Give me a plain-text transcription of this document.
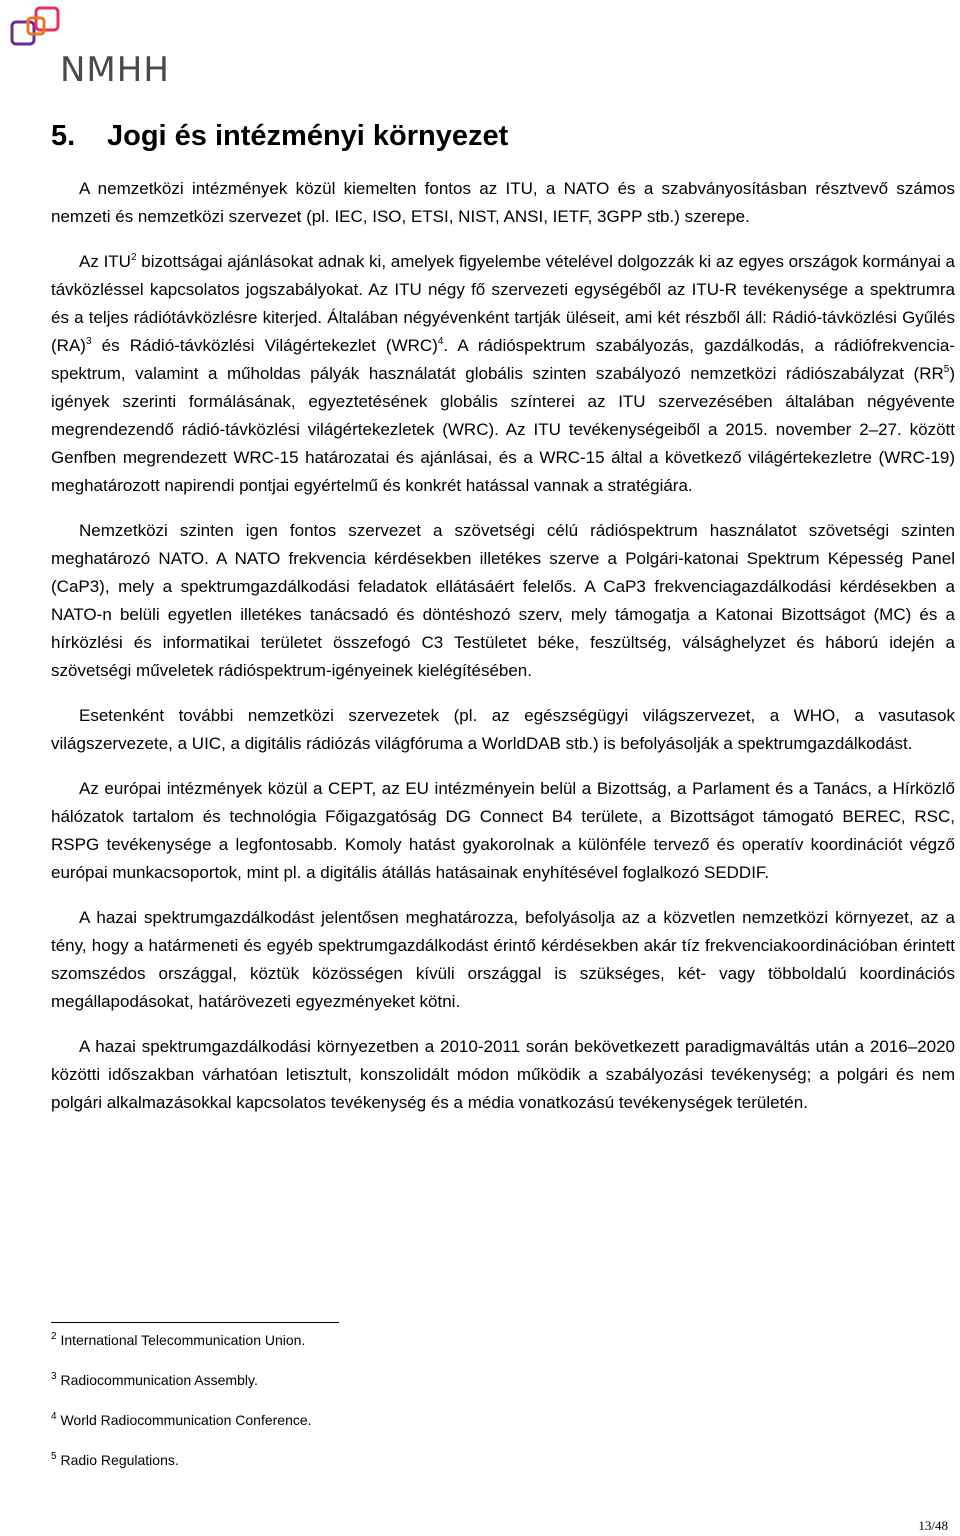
NMHH
5. Jogi és intézményi környezet

A nemzetközi intézmények közül kiemelten fontos az ITU, a NATO és a szabványosításban résztvevő számos nemzeti és nemzetközi szervezet (pl. IEC, ISO, ETSI, NIST, ANSI, IETF, 3GPP stb.) szerepe.

Az ITU$^2$ bizottságai ajánlásokat adnak ki, amelyek figyelembe vételével dolgozzák ki az egyes országok kormányai a távközléssel kapcsolatos jogszabályokat. Az ITU négy fő szervezeti egységéből az ITU-R tevékenysége a spektrumra és a teljes rádiótávközlésre kiterjed. Általában négyévenként tartják üléseit, ami két részből áll: Rádió-távközlési Gyűlés (RA)$^3$ és Rádió-távközlési Világértekezlet (WRC)$^4$. A rádióspektrum szabályozás, gazdálkodás, a rádiófrekvencia-spektrum, valamint a műholdas pályák használatát globális szinten szabályozó nemzetközi rádiószabályzat $(RR^5)$ igények szerinti formálásának, egyeztetésének globális színterei az ITU szervezésében általában négyévente megrendezendő rádió-távközlési világértekezletek (WRC). Az ITU tevékenységeiből a 2015. november 2–27. között Genfben megrendezett WRC-15 határozatai és ajánlásai, és a WRC-15 által a következő világértekezletre (WRC-19) meghatározott napirendi pontjai egyértelmű és konkrét hatással vannak a stratégiára.

Nemzetközi szinten igen fontos szervezet a szövetségi célú rádióspektrum használatot szövetségi szinten meghatározó NATO. A NATO frekvencia kérdésekben illetékes szerve a Polgári-katonai Spektrum Képesség Panel (CaP3), mely a spektrumgazdálkodási feladatok ellátásáért felelős. A CaP3 frekvenciagazdálkodási kérdésekben a NATO-n belüli egyetlen illetékes tanácsadó és döntéshozó szerv, mely támogatja a Katonai Bizottságot (MC) és a hírközlési és informatikai területet összefogó C3 Testületet béke, feszültség, válsághelyzet és háború idején a szövetségi műveletek rádióspektrum-igényeinek kielégítésében.

Esetenként további nemzetközi szervezetek (pl. az egészségügyi világszervezet, a WHO, a vasutasok világszervezete, a UIC, a digitális rádiózás világfóruma a WorldDAB stb.) is befolyásolják a spektrumgazdálkodást.

Az európai intézmények közül a CEPT, az EU intézményein belül a Bizottság, a Parlament és a Tanács, a Hírközlő hálózatok tartalom és technológia Főigazgatóság DG Connect B4 területe, a Bizottságot támogató BEREC, RSC, RSPG tevékenysége a legfontosabb. Komoly hatást gyakorolnak a különféle tervező és operatív koordinációt végző európai munkacsoportok, mint pl. a digitális átállás hatásainak enyhítésével foglalkozó SEDDIF.

A hazai spektrumgazdálkodást jelentősen meghatározza, befolyásolja az a közvetlen nemzetközi környezet, az a tény, hogy a határmeneti és egyéb spektrumgazdálkodást érintő kérdésekben akár tíz frekvenciakoordinációban érintett szomszédos országgal, köztük közösségen kívüli országgal is szükséges, két- vagy többoldalú koordinációs megállapodásokat, határövezeti egyezményeket kötni.

A hazai spektrumgazdálkodási környezetben a 2010-2011 során bekövetkezett paradigmaváltás után a 2016–2020 közötti időszakban várhatóan letisztult, konszolidált módon működik a szabályozási tevékenység; a polgári és nem polgári alkalmazásokkal kapcsolatos tevékenység és a média vonatkozású tevékenységek területén.

$^2$ International Telecommunication Union.
$^3$ Radiocommunication Assembly.
$^4$ World Radiocommunication Conference.
$^5$ Radio Regulations.
13/48
